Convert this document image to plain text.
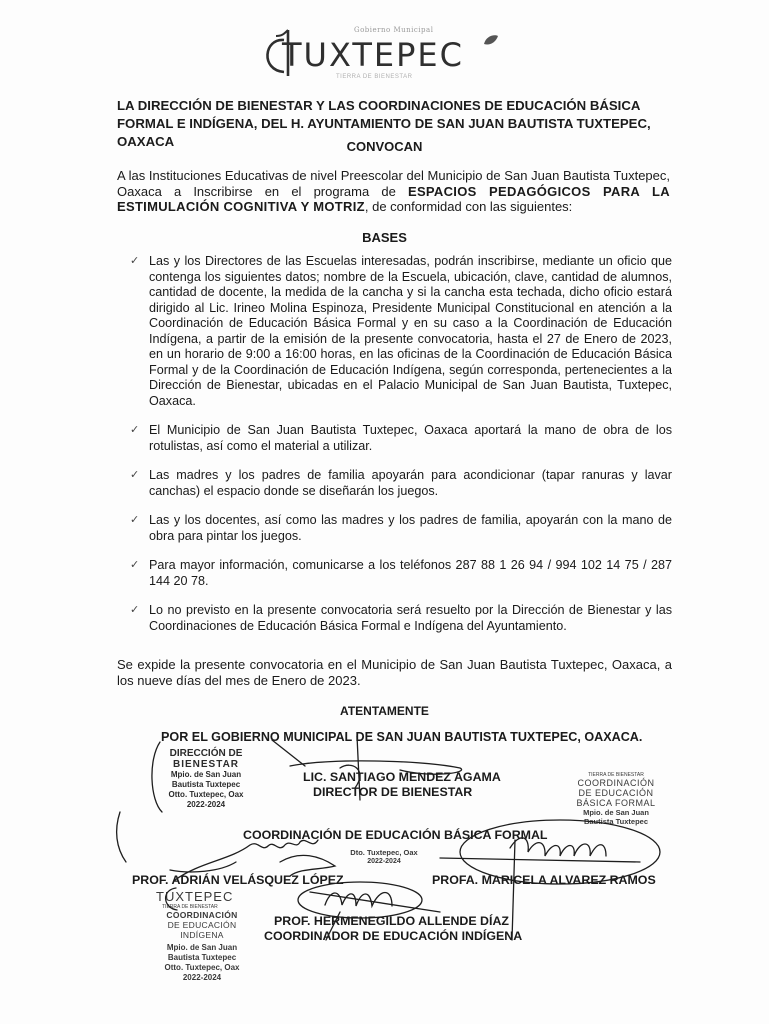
Gobierno Municipal
TUXTEPEC
TIERRA DE BIENESTAR
LA DIRECCIÓN DE BIENESTAR Y LAS COORDINACIONES DE EDUCACIÓN BÁSICA FORMAL E INDÍGENA, DEL H. AYUNTAMIENTO DE SAN JUAN BAUTISTA TUXTEPEC, OAXACA	CONVOCAN
A las Instituciones Educativas de nivel Preescolar del Municipio de San Juan Bautista Tuxtepec, Oaxaca a Inscribirse en el programa de ESPACIOS PEDAGÓGICOS PARA LA ESTIMULACIÓN COGNITIVA Y MOTRIZ, de conformidad con las siguientes:
BASES
✓ Las y los Directores de las Escuelas interesadas, podrán inscribirse, mediante un oficio que contenga los siguientes datos; nombre de la Escuela, ubicación, clave, cantidad de alumnos, cantidad de docente, la medida de la cancha y si la cancha esta techada, dicho oficio estará dirigido al Lic. Irineo Molina Espinoza, Presidente Municipal Constitucional en atención a la Coordinación de Educación Básica Formal y en su caso a la Coordinación de Educación Indígena, a partir de la emisión de la presente convocatoria, hasta el 27 de Enero de 2023, en un horario de 9:00 a 16:00 horas, en las oficinas de la Coordinación de Educación Básica Formal y de la Coordinación de Educación Indígena, según corresponda, pertenecientes a la Dirección de Bienestar, ubicadas en el Palacio Municipal de San Juan Bautista, Tuxtepec, Oaxaca.
✓ El Municipio de San Juan Bautista Tuxtepec, Oaxaca aportará la mano de obra de los rotulistas, así como el material a utilizar.
✓ Las madres y los padres de familia apoyarán para acondicionar (tapar ranuras y lavar canchas) el espacio donde se diseñarán los juegos.
✓ Las y los docentes, así como las madres y los padres de familia, apoyarán con la mano de obra para pintar los juegos.
✓ Para mayor información, comunicarse a los teléfonos 287 88 1 26 94 / 994 102 14 75 / 287 144 20 78.
✓ Lo no previsto en la presente convocatoria será resuelto por la Dirección de Bienestar y las Coordinaciones de Educación Básica Formal e Indígena del Ayuntamiento.
Se expide la presente convocatoria en el Municipio de San Juan Bautista Tuxtepec, Oaxaca, a los nueve días del mes de Enero de 2023.
ATENTAMENTE
POR EL GOBIERNO MUNICIPAL DE SAN JUAN BAUTISTA TUXTEPEC, OAXACA.
DIRECCIÓN DE
BIENESTAR
Mpio. de San Juan
Bautista Tuxtepec
Otto. Tuxtepec, Oax
2022-2024
LIC. SANTIAGO MENDEZ AGAMA
DIRECTOR DE BIENESTAR
TIERRA DE BIENESTAR
COORDINACIÓN
DE EDUCACIÓN
BÁSICA FORMAL
Mpio. de San Juan
Bautista Tuxtepec
Dto. Tuxtepec, Oax
2022-2024
COORDINACIÓN DE EDUCACIÓN BÁSICA FORMAL
PROF. ADRIÁN VELÁSQUEZ LÓPEZ	PROFA. MARICELA ALVAREZ RAMOS
TUXTEPEC
TIERRA DE BIENESTAR
COORDINACIÓN
DE EDUCACIÓN
INDÍGENA
Mpio. de San Juan
Bautista Tuxtepec
Otto. Tuxtepec, Oax
2022-2024
PROF. HERMENEGILDO ALLENDE DÍAZ
COORDINADOR DE EDUCACIÓN INDÍGENA
